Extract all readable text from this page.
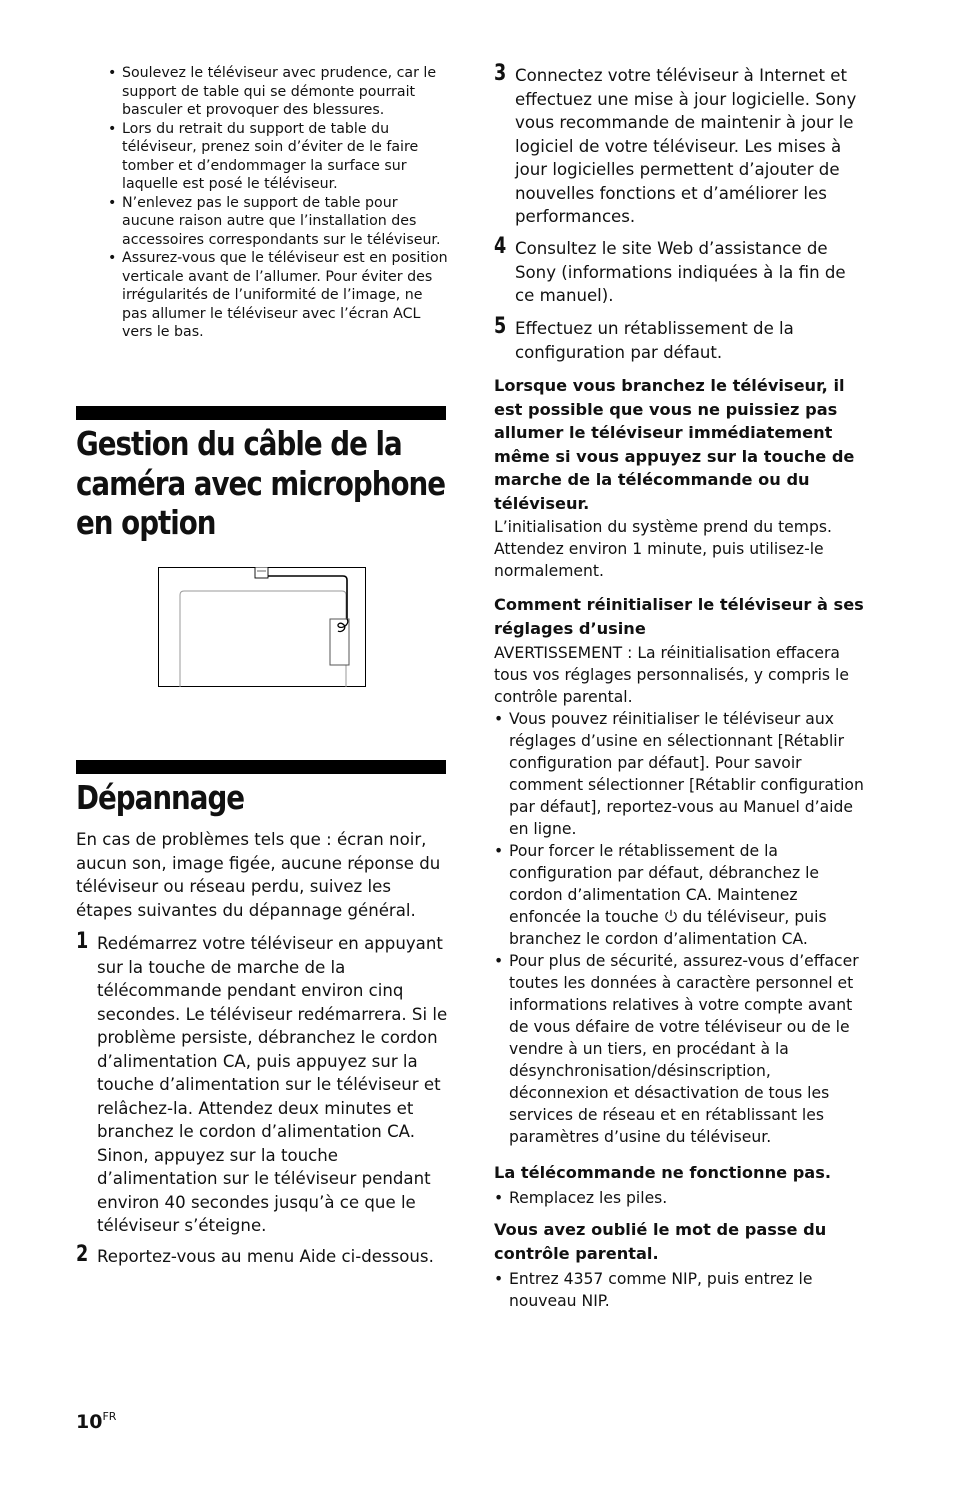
• Soulevez le téléviseur avec prudence, car le support de table qui se démonte pourrait basculer et provoquer des blessures.
• Lors du retrait du support de table du téléviseur, prenez soin d’éviter de le faire tomber et d’endommager la surface sur laquelle est posé le téléviseur.
• N’enlevez pas le support de table pour aucune raison autre que l’installation des accessoires correspondants sur le téléviseur.
• Assurez-vous que le téléviseur est en position verticale avant de l’allumer. Pour éviter des irrégularités de l’uniformité de l’image, ne pas allumer le téléviseur avec l’écran ACL vers le bas.
Gestion du câble de la caméra avec microphone en option
Dépannage

En cas de problèmes tels que : écran noir, aucun son, image figée, aucune réponse du téléviseur ou réseau perdu, suivez les étapes suivantes du dépannage général.

1 Redémarrez votre téléviseur en appuyant sur la touche de marche de la télécommande pendant environ cinq secondes. Le téléviseur redémarrera. Si le problème persiste, débranchez le cordon d’alimentation CA, puis appuyez sur la touche d’alimentation sur le téléviseur et relâchez-la. Attendez deux minutes et branchez le cordon d’alimentation CA. Sinon, appuyez sur la touche d’alimentation sur le téléviseur pendant environ 40 secondes jusqu’à ce que le téléviseur s’éteigne.
2 Reportez-vous au menu Aide ci-dessous.
3 Connectez votre téléviseur à Internet et effectuez une mise à jour logicielle. Sony vous recommande de maintenir à jour le logiciel de votre téléviseur. Les mises à jour logicielles permettent d’ajouter de nouvelles fonctions et d’améliorer les performances.
4 Consultez le site Web d’assistance de Sony (informations indiquées à la fin de ce manuel).
5 Effectuez un rétablissement de la configuration par défaut.

Lorsque vous branchez le téléviseur, il est possible que vous ne puissiez pas allumer le téléviseur immédiatement même si vous appuyez sur la touche de marche de la télécommande ou du téléviseur.

L’initialisation du système prend du temps. Attendez environ 1 minute, puis utilisez-le normalement.

Comment réinitialiser le téléviseur à ses réglages d’usine

AVERTISSEMENT : La réinitialisation effacera tous vos réglages personnalisés, y compris le contrôle parental.

• Vous pouvez réinitialiser le téléviseur aux réglages d’usine en sélectionnant [Rétablir configuration par défaut]. Pour savoir comment sélectionner [Rétablir configuration par défaut], reportez-vous au Manuel d’aide en ligne.
• Pour forcer le rétablissement de la configuration par défaut, débranchez le cordon d’alimentation CA. Maintenez enfoncée la touche du téléviseur, puis branchez le cordon d’alimentation CA.
• Pour plus de sécurité, assurez-vous d’effacer toutes les données à caractère personnel et informations relatives à votre compte avant de vous défaire de votre téléviseur ou de le vendre à un tiers, en procédant à la désynchronisation/désinscription, déconnexion et désactivation de tous les services de réseau et en rétablissant les paramètres d’usine du téléviseur.

La télécommande ne fonctionne pas.

• Remplacez les piles.

Vous avez oublié le mot de passe du contrôle parental.

• Entrez 4357 comme NIP, puis entrez le nouveau NIP.
$10^{FR}$
